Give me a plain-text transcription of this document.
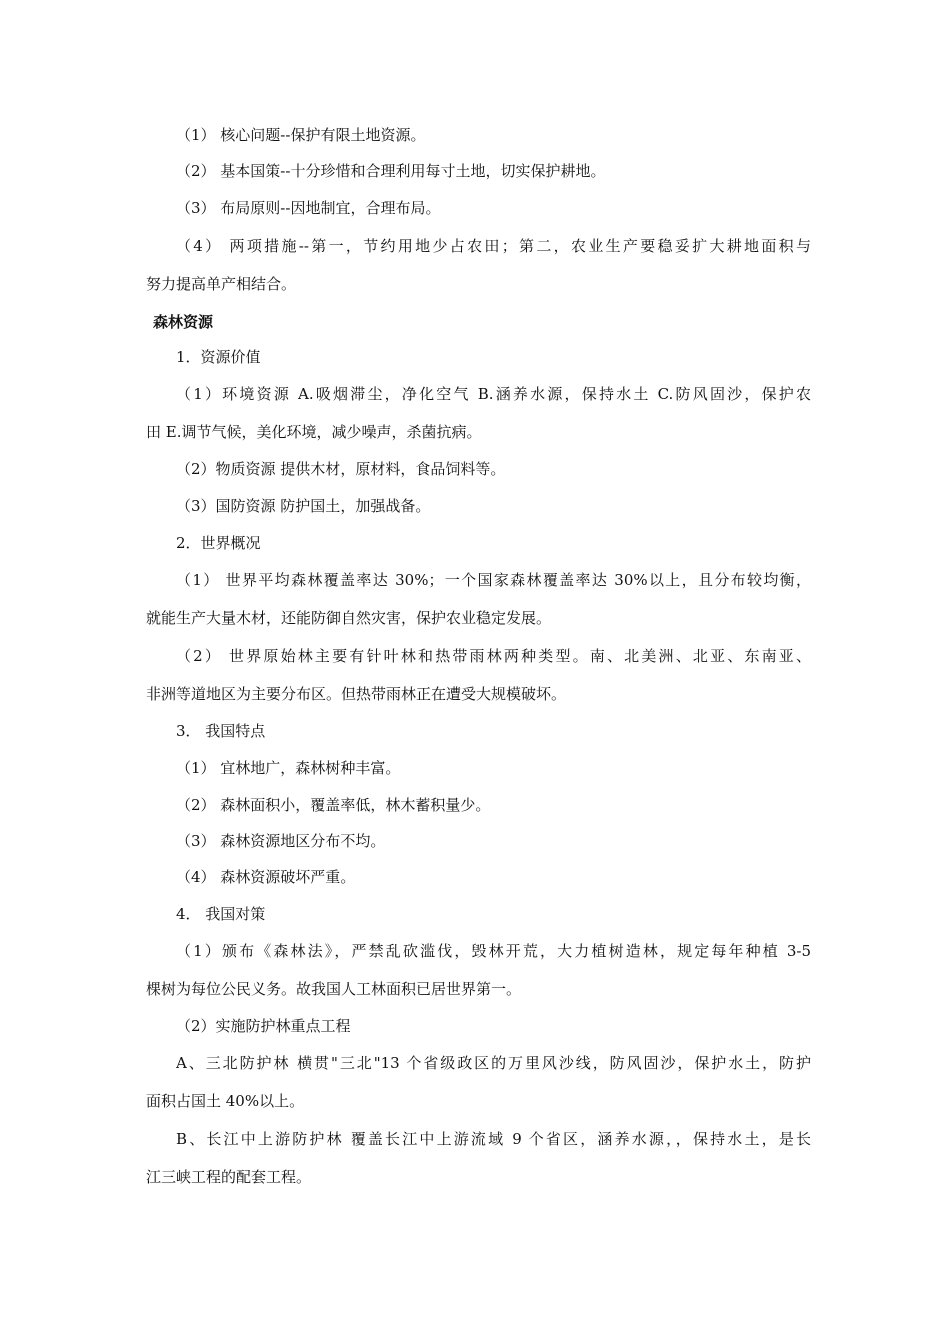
（1） 核心问题--保护有限土地资源。
（2） 基本国策--十分珍惜和合理利用每寸土地，切实保护耕地。
（3） 布局原则--因地制宜，合理布局。
（4） 两项措施--第一，节约用地少占农田；第二，农业生产要稳妥扩大耕地面积与
努力提高单产相结合。
森林资源
1．资源价值
（1）环境资源 A.吸烟滞尘，净化空气 B.涵养水源，保持水土 C.防风固沙，保护农
田 E.调节气候，美化环境，减少噪声，杀菌抗病。
（2）物质资源 提供木材，原材料，食品饲料等。
（3）国防资源 防护国土，加强战备。
2．世界概况
（1） 世界平均森林覆盖率达 30%；一个国家森林覆盖率达 30%以上，且分布较均衡，
就能生产大量木材，还能防御自然灾害，保护农业稳定发展。
（2） 世界原始林主要有针叶林和热带雨林两种类型。南、北美洲、北亚、东南亚、
非洲等道地区为主要分布区。但热带雨林正在遭受大规模破坏。
3． 我国特点
（1） 宜林地广，森林树种丰富。
（2） 森林面积小，覆盖率低，林木蓄积量少。
（3） 森林资源地区分布不均。
（4） 森林资源破坏严重。
4． 我国对策
（1）颁布《森林法》，严禁乱砍滥伐，毁林开荒，大力植树造林，规定每年种植 3-5
棵树为每位公民义务。故我国人工林面积已居世界第一。
（2）实施防护林重点工程
A、三北防护林 横贯"三北"13 个省级政区的万里风沙线，防风固沙，保护水土，防护
面积占国土 40%以上。
B、长江中上游防护林 覆盖长江中上游流域 9 个省区，涵养水源，，保持水土，是长
江三峡工程的配套工程。
